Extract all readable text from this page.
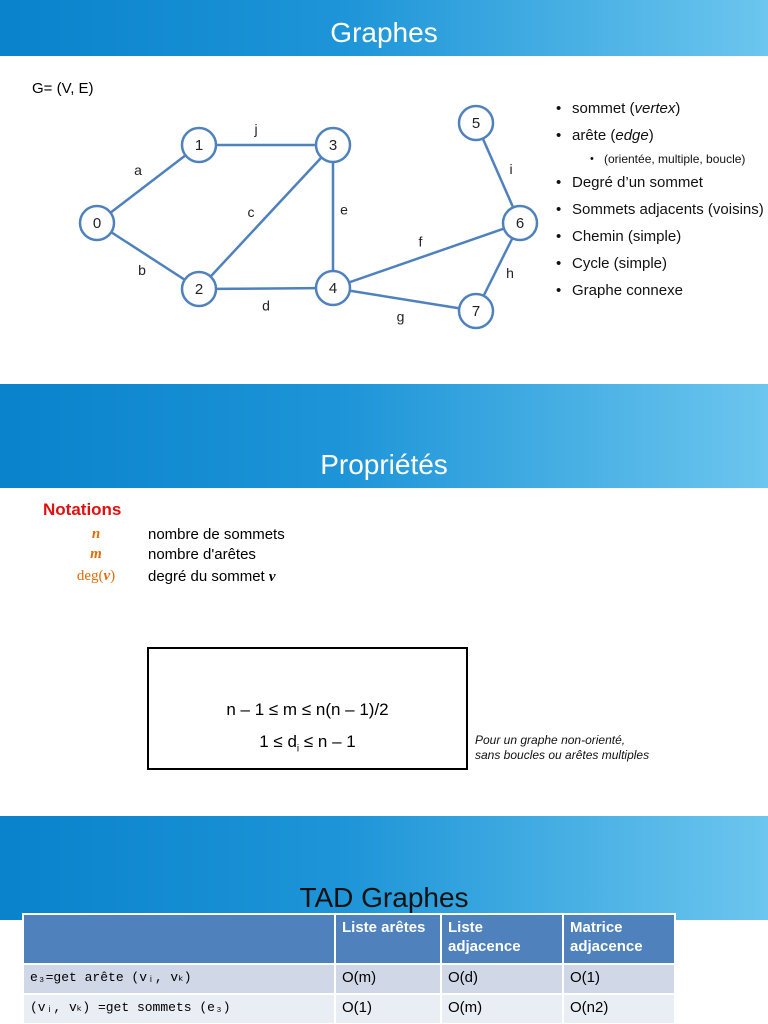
Graphes
G= (V, E)
a
b
j
c	e
d
f
g
i
h
0
1
2
3
4
5
6
7
• sommet (vertex)
• arête (edge)
• (orientée, multiple, boucle)
• Degré d’un sommet
• Sommets adjacents (voisins)
• Chemin (simple)
• Cycle (simple)
• Graphe connexe
Propriétés
Notations
n	nombre de sommets
m	nombre d'arêtes
deg(v)	degré du sommet v
n – 1 ≤ m ≤ n(n – 1)/2
$1 \le d_i \le n - 1$	Pour un graphe non-orienté,
sans boucles ou arêtes multiples
TAD Graphes
	Liste arêtes	Liste adjacence	Matrice adjacence
e₃=get arête (vᵢ, vₖ)	O(m)	O(d)	O(1)
(vᵢ, vₖ) =get sommets (e₃)	O(1)	O(m)	O(n2)
